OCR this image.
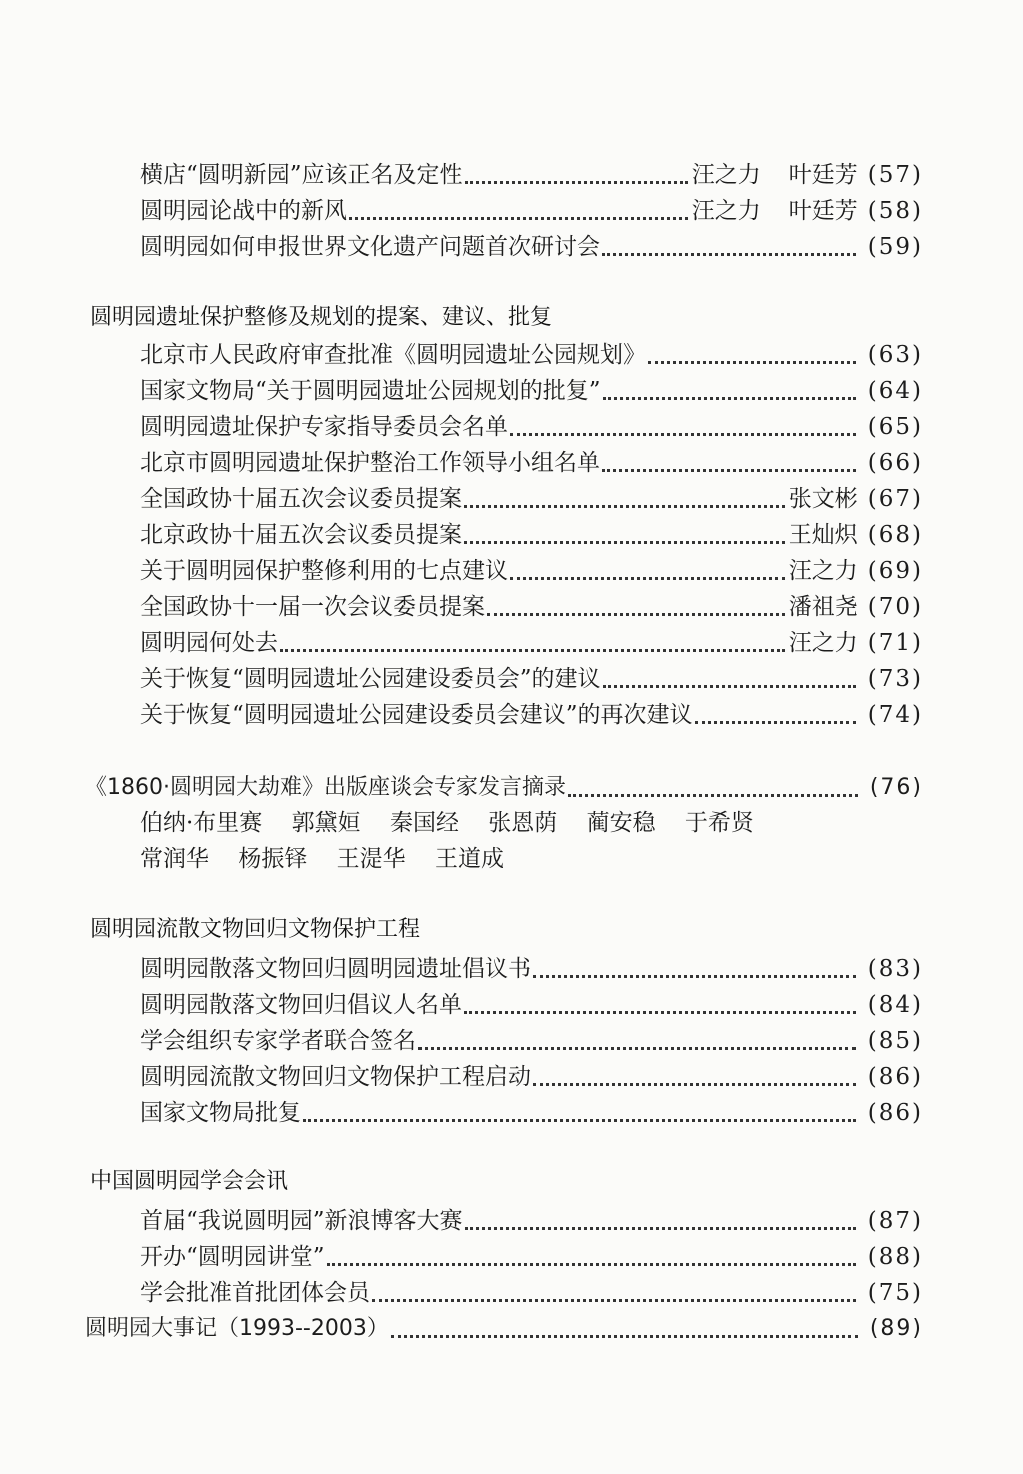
横店“圆明新园”应该正名及定性	汪之力 叶廷芳 (57)
圆明园论战中的新风	汪之力 叶廷芳 (58)
圆明园如何申报世界文化遗产问题首次研讨会	(59)
圆明园遗址保护整修及规划的提案、建议、批复
北京市人民政府审查批准《圆明园遗址公园规划》	(63)
国家文物局“关于圆明园遗址公园规划的批复”	(64)
圆明园遗址保护专家指导委员会名单	(65)
北京市圆明园遗址保护整治工作领导小组名单	(66)
全国政协十届五次会议委员提案	张文彬 (67)
北京政协十届五次会议委员提案	王灿炽 (68)
关于圆明园保护整修利用的七点建议	汪之力 (69)
全国政协十一届一次会议委员提案	潘祖尧 (70)
圆明园何处去	汪之力 (71)
关于恢复“圆明园遗址公园建设委员会”的建议	(73)
关于恢复“圆明园遗址公园建设委员会建议”的再次建议	(74)
《1860·圆明园大劫难》出版座谈会专家发言摘录	(76)
伯纳·布里赛 郭黛姮 秦国经 张恩荫 蔺安稳 于希贤
常润华 杨振铎 王湜华 王道成
圆明园流散文物回归文物保护工程
圆明园散落文物回归圆明园遗址倡议书	(83)
圆明园散落文物回归倡议人名单	(84)
学会组织专家学者联合签名	(85)
圆明园流散文物回归文物保护工程启动	(86)
国家文物局批复	(86)
中国圆明园学会会讯
首届“我说圆明园”新浪博客大赛	(87)
开办“圆明园讲堂”	(88)
学会批准首批团体会员	(75)
圆明园大事记（1993--2003）	(89)
